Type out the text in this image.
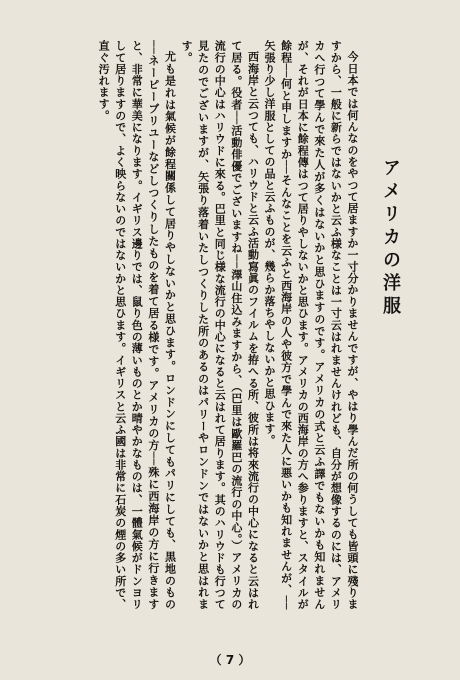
アメリカの洋服

今日本では何んなのをやつて居ますか一寸分かりませんですが、やはり學んだ所の何うしても皆頭に殘りますから、一般に新らではないかと云ふ様なことは一寸云はれませんけれども、自分が想像するのには、アメリカへ行つて學んで來た人が多くはないかと思ひますのです。アメリカの式と云ふ譯でもないかも知れませんが、それが日本に餘程傳はつて居りやしないかと思ひます。アメリカの西海岸の方へ参りますと、スタイルが餘程──何と申しますか──そんなことを云ふと西海岸の人や彼方で學んで來た人に悪いかも知れませんが、──矢張り少し洋服としての品と云ふものが、幾らか落ちやしないかと思ひます。

西海岸と云つても、ハリウドと云ふ活動寫眞のフイルムを拵へる所、彼所は将來流行の中心になると云はれて居る。役者──活動俳優でございますね──澤山住込みますから、（巴里は歐羅巴の流行の中心。）アメリカの流行の中心はハリウドに來る。巴里と同じ様な流行の中心になると云はれて居ります。其のハリウドも行つて見たのでございますが、矢張り落着いたしつくりした所のあるのはパリーやロンドンではないかと思はれます。

尤も是れは氣候が餘程關係して居りやしないかと思ひます。ロンドンにしてもパリにしても、黒地のもの──ネーピーブリユーなどしつくりしたものを着て居る様です。アメリカの方──殊に西海岸の方に行きますと、非常に華美になります。イギリス邊りでは、鼠り色の薄いものとか晴やかなものは、一體氣候がドンヨリして居りますので、よく映らないのではないかと思ひます。イギリスと云ふ國は非常に石炭の煙の多い所で、直ぐ汚れます。

（ 7 ）
